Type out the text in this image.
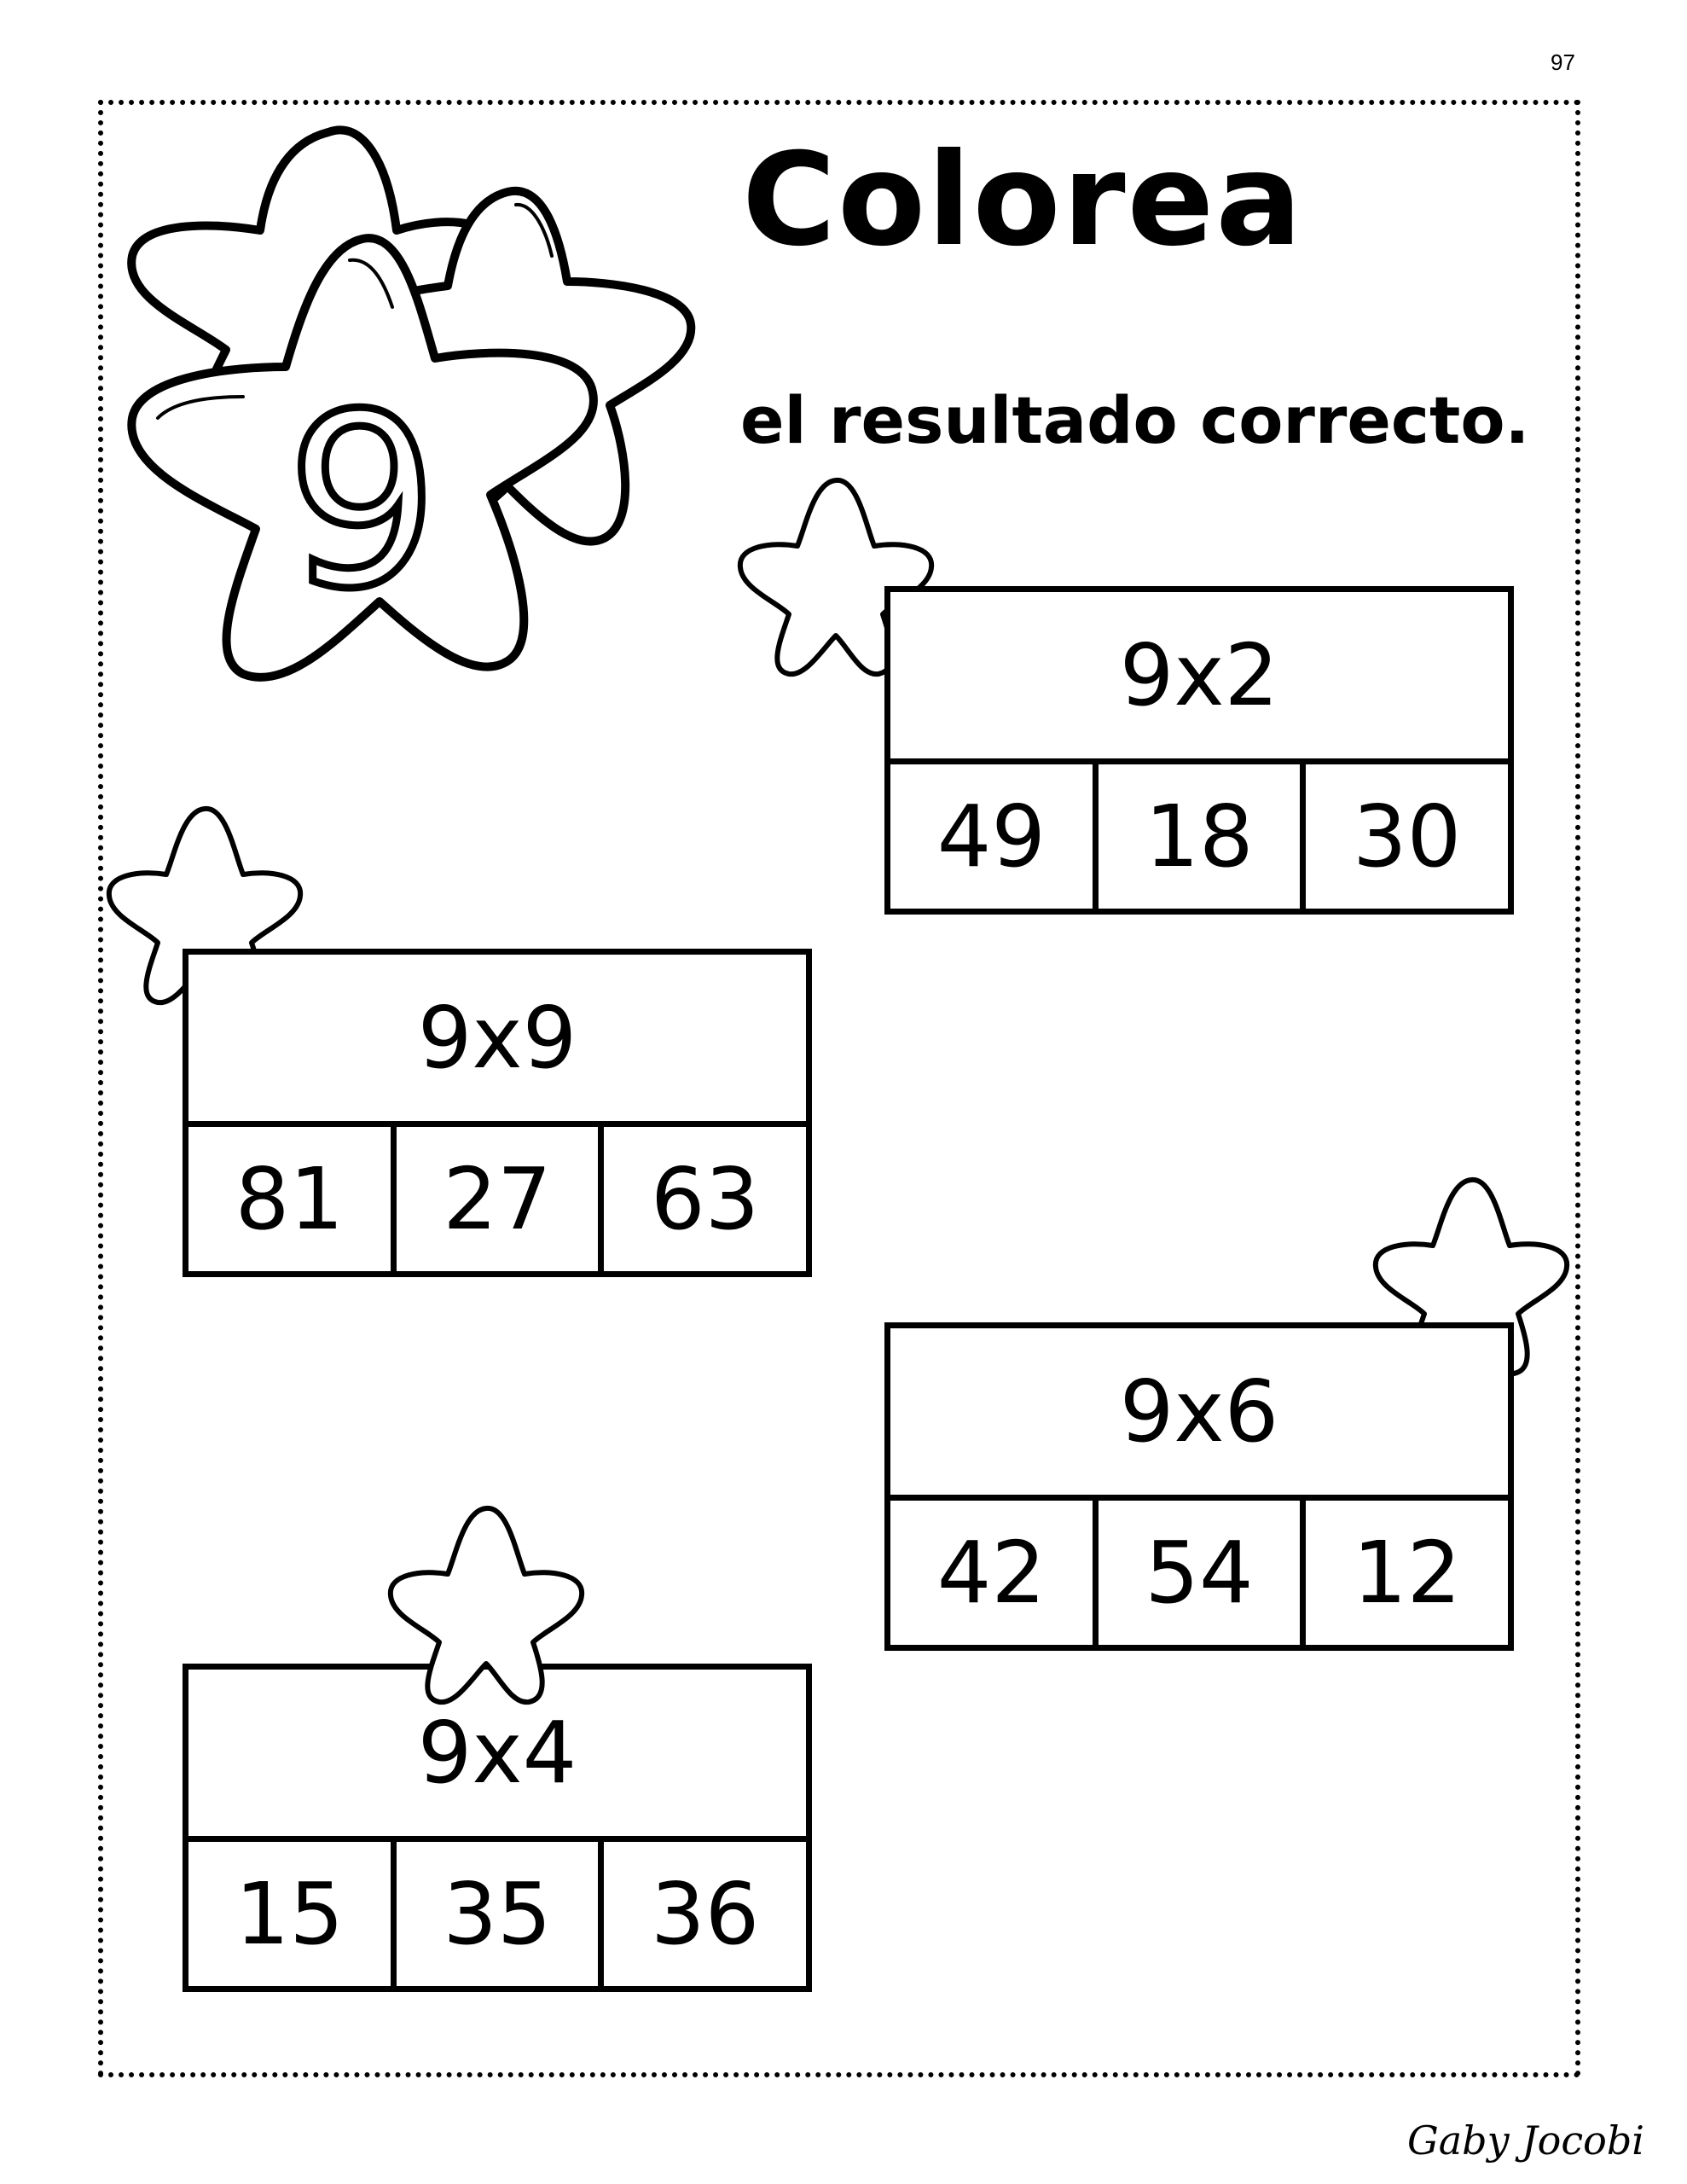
97
9
Colorea
el resultado correcto.
9x2
49	18	30
9x9
81	27	63
9x6
42	54	12
9x4
15	35	36
Gaby Jocobi
